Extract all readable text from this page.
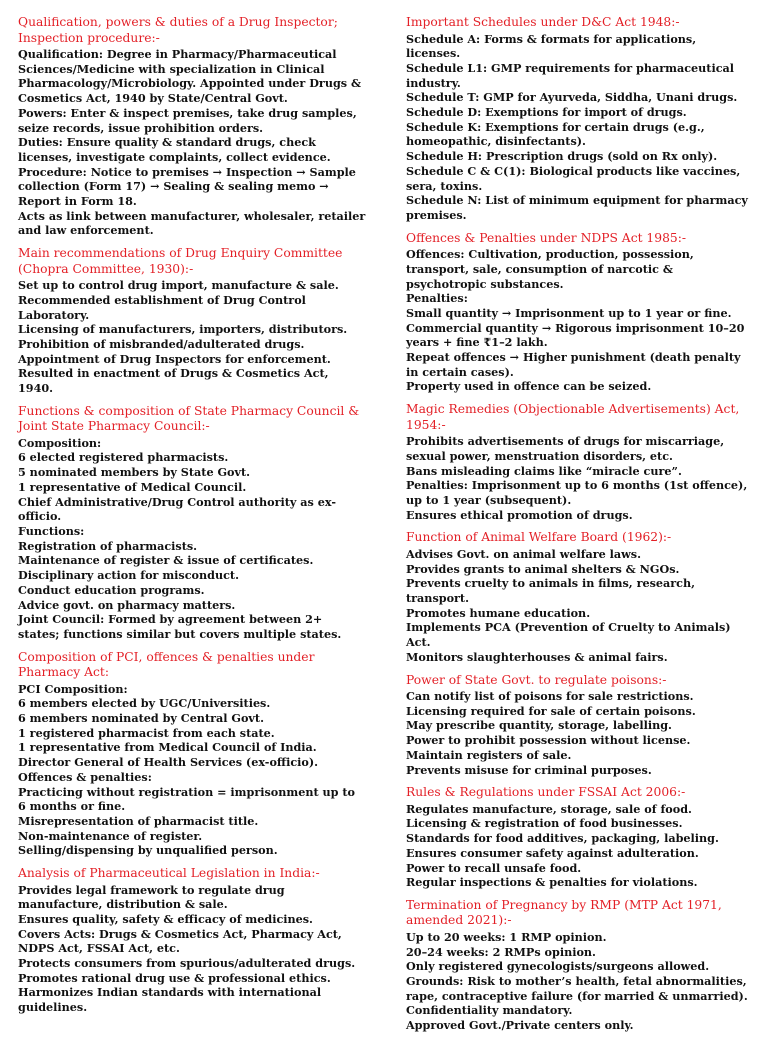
Qualification, powers & duties of a Drug Inspector; Inspection procedure:-
Qualification: Degree in Pharmacy/Pharmaceutical Sciences/Medicine with specialization in Clinical Pharmacology/Microbiology. Appointed under Drugs & Cosmetics Act, 1940 by State/Central Govt.
Powers: Enter & inspect premises, take drug samples, seize records, issue prohibition orders.
Duties: Ensure quality & standard drugs, check licenses, investigate complaints, collect evidence.
Procedure: Notice to premises → Inspection → Sample collection (Form 17) → Sealing & sealing memo → Report in Form 18.
Acts as link between manufacturer, wholesaler, retailer and law enforcement.
Main recommendations of Drug Enquiry Committee (Chopra Committee, 1930):-
Set up to control drug import, manufacture & sale.
Recommended establishment of Drug Control Laboratory.
Licensing of manufacturers, importers, distributors.
Prohibition of misbranded/adulterated drugs.
Appointment of Drug Inspectors for enforcement.
Resulted in enactment of Drugs & Cosmetics Act, 1940.
Functions & composition of State Pharmacy Council & Joint State Pharmacy Council:-
Composition:
6 elected registered pharmacists.
5 nominated members by State Govt.
1 representative of Medical Council.
Chief Administrative/Drug Control authority as ex-officio.
Functions:
Registration of pharmacists.
Maintenance of register & issue of certificates.
Disciplinary action for misconduct.
Conduct education programs.
Advice govt. on pharmacy matters.
Joint Council: Formed by agreement between 2+ states; functions similar but covers multiple states.
Composition of PCI, offences & penalties under Pharmacy Act:
PCI Composition:
6 members elected by UGC/Universities.
6 members nominated by Central Govt.
1 registered pharmacist from each state.
1 representative from Medical Council of India.
Director General of Health Services (ex-officio).
Offences & penalties:
Practicing without registration = imprisonment up to 6 months or fine.
Misrepresentation of pharmacist title.
Non-maintenance of register.
Selling/dispensing by unqualified person.
Analysis of Pharmaceutical Legislation in India:-
Provides legal framework to regulate drug manufacture, distribution & sale.
Ensures quality, safety & efficacy of medicines.
Covers Acts: Drugs & Cosmetics Act, Pharmacy Act, NDPS Act, FSSAI Act, etc.
Protects consumers from spurious/adulterated drugs.
Promotes rational drug use & professional ethics.
Harmonizes Indian standards with international guidelines.
Important Schedules under D&C Act 1948:-
Schedule A: Forms & formats for applications, licenses.
Schedule L1: GMP requirements for pharmaceutical industry.
Schedule T: GMP for Ayurveda, Siddha, Unani drugs.
Schedule D: Exemptions for import of drugs.
Schedule K: Exemptions for certain drugs (e.g., homeopathic, disinfectants).
Schedule H: Prescription drugs (sold on Rx only).
Schedule C & C(1): Biological products like vaccines, sera, toxins.
Schedule N: List of minimum equipment for pharmacy premises.
Offences & Penalties under NDPS Act 1985:-
Offences: Cultivation, production, possession, transport, sale, consumption of narcotic & psychotropic substances.
Penalties:
Small quantity → Imprisonment up to 1 year or fine.
Commercial quantity → Rigorous imprisonment 10–20 years + fine ₹1–2 lakh.
Repeat offences → Higher punishment (death penalty in certain cases).
Property used in offence can be seized.
Magic Remedies (Objectionable Advertisements) Act, 1954:-
Prohibits advertisements of drugs for miscarriage, sexual power, menstruation disorders, etc.
Bans misleading claims like “miracle cure”.
Penalties: Imprisonment up to 6 months (1st offence), up to 1 year (subsequent).
Ensures ethical promotion of drugs.
Function of Animal Welfare Board (1962):-
Advises Govt. on animal welfare laws.
Provides grants to animal shelters & NGOs.
Prevents cruelty to animals in films, research, transport.
Promotes humane education.
Implements PCA (Prevention of Cruelty to Animals) Act.
Monitors slaughterhouses & animal fairs.
Power of State Govt. to regulate poisons:-
Can notify list of poisons for sale restrictions.
Licensing required for sale of certain poisons.
May prescribe quantity, storage, labelling.
Power to prohibit possession without license.
Maintain registers of sale.
Prevents misuse for criminal purposes.
Rules & Regulations under FSSAI Act 2006:-
Regulates manufacture, storage, sale of food.
Licensing & registration of food businesses.
Standards for food additives, packaging, labeling.
Ensures consumer safety against adulteration.
Power to recall unsafe food.
Regular inspections & penalties for violations.
Termination of Pregnancy by RMP (MTP Act 1971, amended 2021):-
Up to 20 weeks: 1 RMP opinion.
20–24 weeks: 2 RMPs opinion.
Only registered gynecologists/surgeons allowed.
Grounds: Risk to mother’s health, fetal abnormalities, rape, contraceptive failure (for married & unmarried).
Confidentiality mandatory.
Approved Govt./Private centers only.
